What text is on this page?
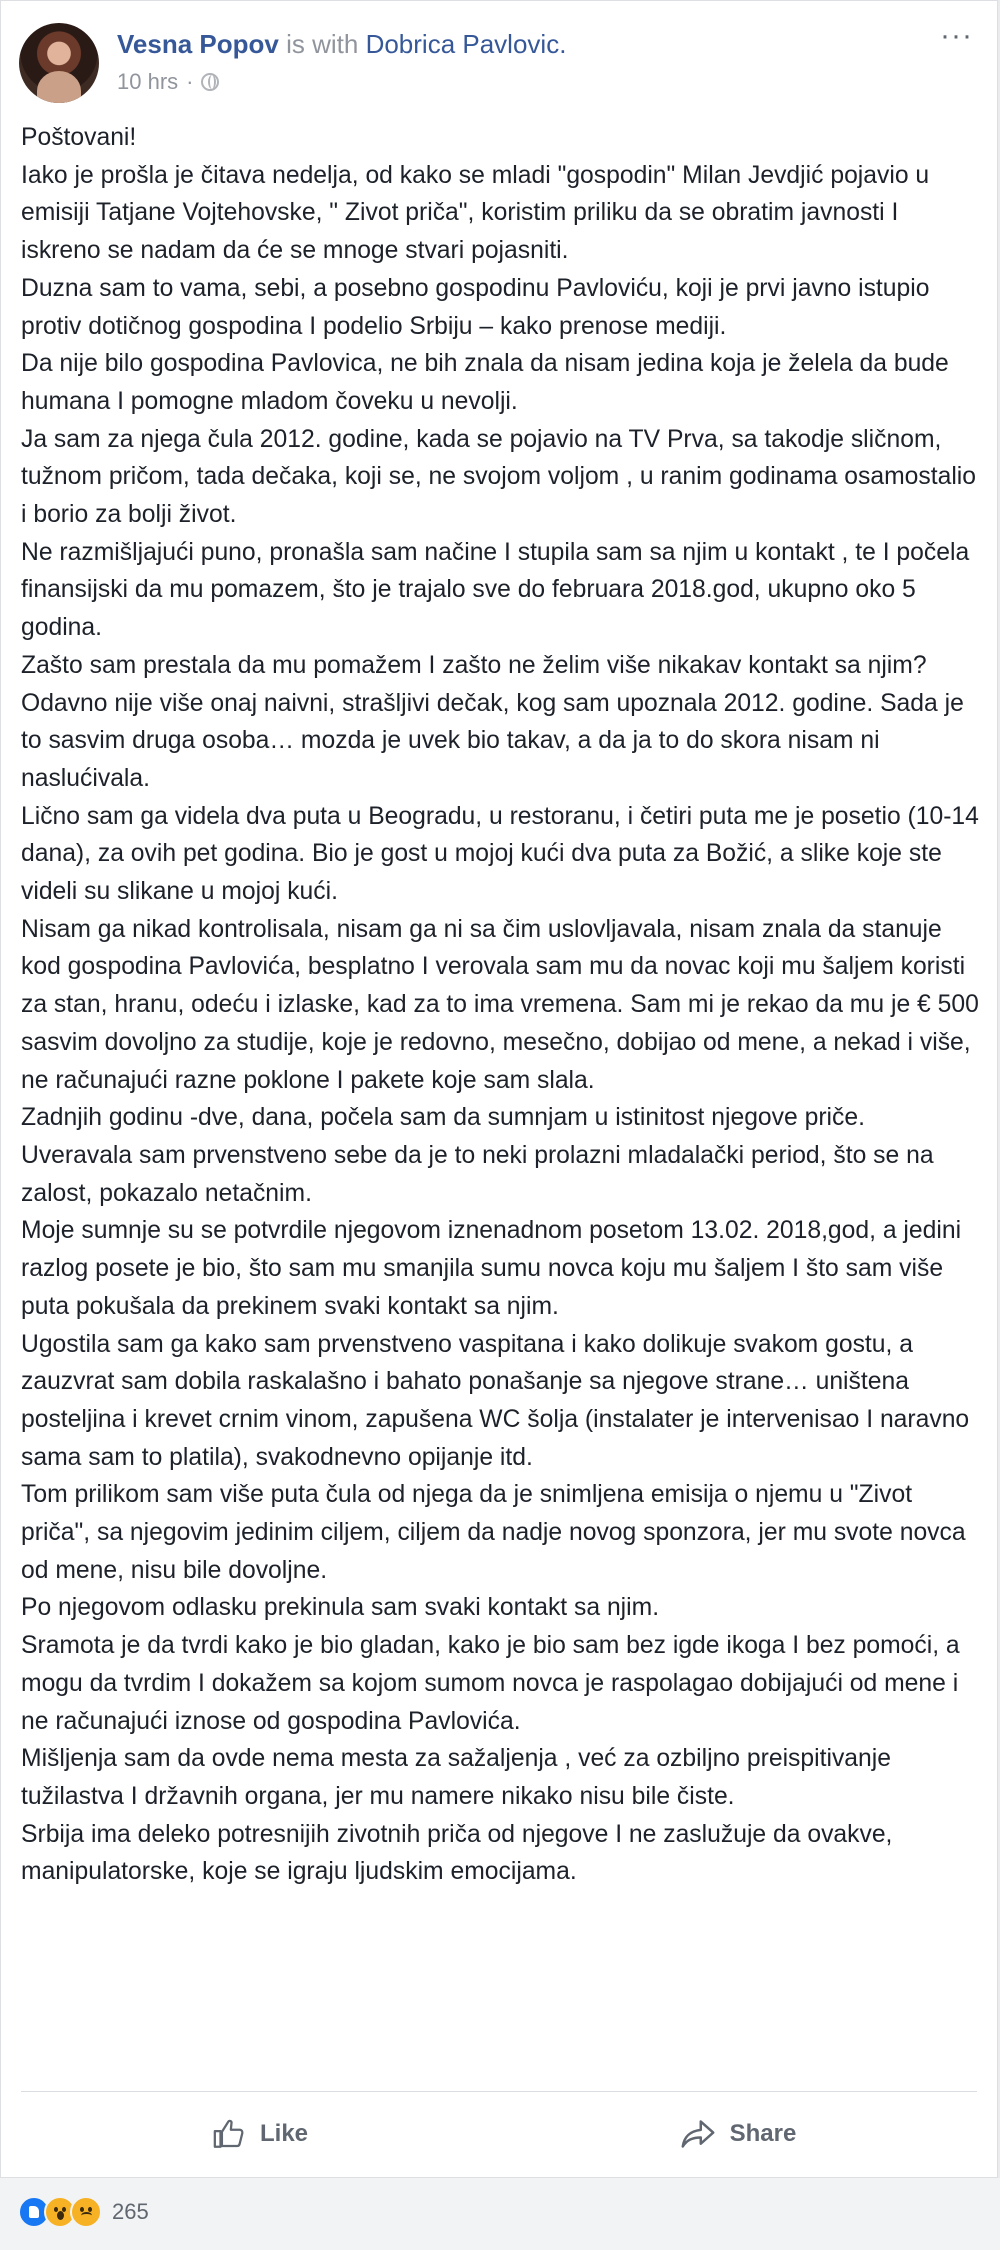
Vesna Popov is with Dobrica Pavlovic.
10 hrs ·
···

Poštovani!

Iako je prošla je čitava nedelja, od kako se mladi "gospodin" Milan Jevdjić pojavio u emisiji Tatjane Vojtehovske, " Zivot priča", koristim priliku da se obratim javnosti I iskreno se nadam da će se mnoge stvari pojasniti.

Duzna sam to vama, sebi, a posebno gospodinu Pavloviću, koji je prvi javno istupio protiv dotičnog gospodina I podelio Srbiju – kako prenose mediji.

Da nije bilo gospodina Pavlovica, ne bih znala da nisam jedina koja je želela da bude humana I pomogne mladom čoveku u nevolji.

Ja sam za njega čula 2012. godine, kada se pojavio na TV Prva, sa takodje sličnom, tužnom pričom, tada dečaka, koji se, ne svojom voljom , u ranim godinama osamostalio i borio za bolji život.

Ne razmišljajući puno, pronašla sam načine I stupila sam sa njim u kontakt , te I počela finansijski da mu pomazem, što je trajalo sve do februara 2018.god, ukupno oko 5 godina.

Zašto sam prestala da mu pomažem I zašto ne želim više nikakav kontakt sa njim?

Odavno nije više onaj naivni, strašljivi dečak, kog sam upoznala 2012. godine. Sada je to sasvim druga osoba… mozda je uvek bio takav, a da ja to do skora nisam ni naslućivala.

Lično sam ga videla dva puta u Beogradu, u restoranu, i četiri puta me je posetio (10-14 dana), za ovih pet godina. Bio je gost u mojoj kući dva puta za Božić, a slike koje ste videli su slikane u mojoj kući.

Nisam ga nikad kontrolisala, nisam ga ni sa čim uslovljavala, nisam znala da stanuje kod gospodina Pavlovića, besplatno I verovala sam mu da novac koji mu šaljem koristi za stan, hranu, odeću i izlaske, kad za to ima vremena. Sam mi je rekao da mu je € 500 sasvim dovoljno za studije, koje je redovno, mesečno, dobijao od mene, a nekad i više, ne računajući razne poklone I pakete koje sam slala.

Zadnjih godinu -dve, dana, počela sam da sumnjam u istinitost njegove priče. Uveravala sam prvenstveno sebe da je to neki prolazni mladalački period, što se na zalost, pokazalo netačnim.

Moje sumnje su se potvrdile njegovom iznenadnom posetom 13.02. 2018,god, a jedini razlog posete je bio, što sam mu smanjila sumu novca koju mu šaljem I što sam više puta pokušala da prekinem svaki kontakt sa njim.

Ugostila sam ga kako sam prvenstveno vaspitana i kako dolikuje svakom gostu, a zauzvrat sam dobila raskalašno i bahato ponašanje sa njegove strane… uništena posteljina i krevet crnim vinom, zapušena WC šolja (instalater je intervenisao I naravno sama sam to platila), svakodnevno opijanje itd.

Tom prilikom sam više puta čula od njega da je snimljena emisija o njemu u "Zivot priča", sa njegovim jedinim ciljem, ciljem da nadje novog sponzora, jer mu svote novca od mene, nisu bile dovoljne.

Po njegovom odlasku prekinula sam svaki kontakt sa njim.

Sramota je da tvrdi kako je bio gladan, kako je bio sam bez igde ikoga I bez pomoći, a mogu da tvrdim I dokažem sa kojom sumom novca je raspolagao dobijajući od mene i ne računajući iznose od gospodina Pavlovića.

Mišljenja sam da ovde nema mesta za sažaljenja , već za ozbiljno preispitivanje tužilastva I državnih organa, jer mu namere nikako nisu bile čiste.

Srbija ima deleko potresnijih zivotnih priča od njegove I ne zaslužuje da ovakve, manipulatorske, koje se igraju ljudskim emocijama.

Like	Share
265
